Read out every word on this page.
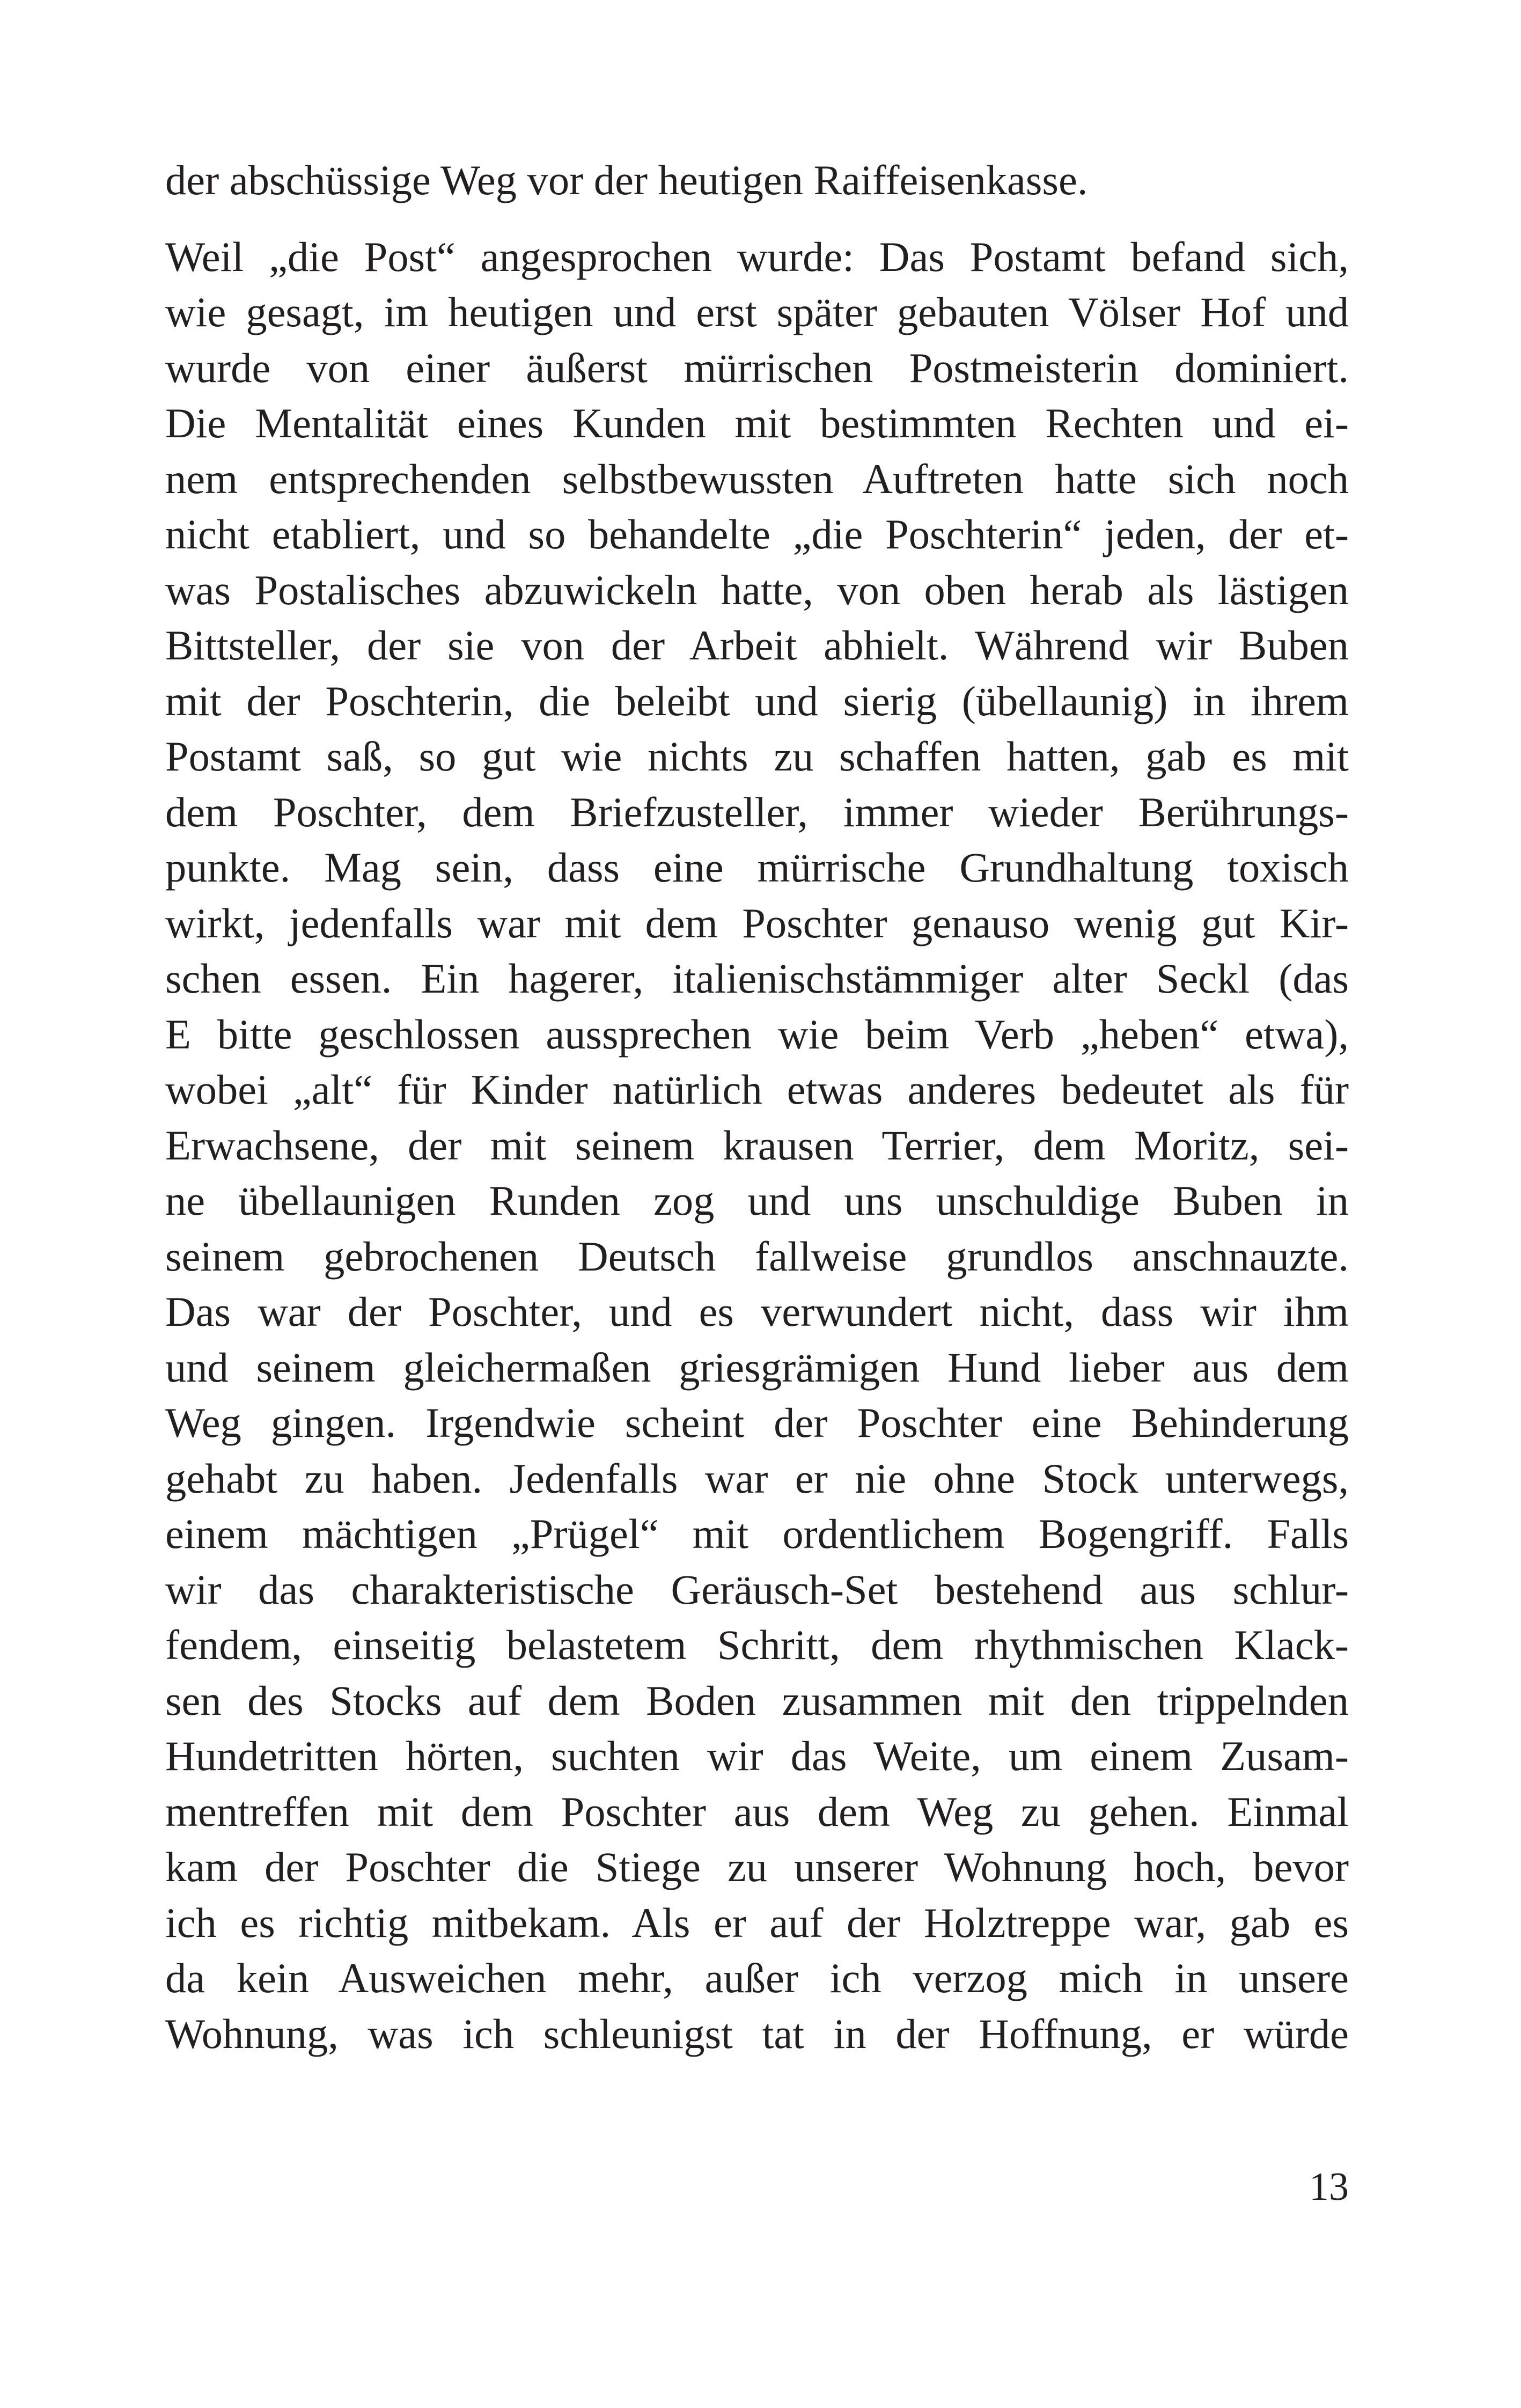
der abschüssige Weg vor der heutigen Raiffeisenkasse.
Weil „die Post“ angesprochen wurde: Das Postamt befand sich,
wie gesagt, im heutigen und erst später gebauten Völser Hof und
wurde von einer äußerst mürrischen Postmeisterin dominiert.
Die Mentalität eines Kunden mit bestimmten Rechten und ei-
nem entsprechenden selbstbewussten Auftreten hatte sich noch
nicht etabliert, und so behandelte „die Poschterin“ jeden, der et-
was Postalisches abzuwickeln hatte, von oben herab als lästigen
Bittsteller, der sie von der Arbeit abhielt. Während wir Buben
mit der Poschterin, die beleibt und sierig (übellaunig) in ihrem
Postamt saß, so gut wie nichts zu schaffen hatten, gab es mit
dem Poschter, dem Briefzusteller, immer wieder Berührungs-
punkte. Mag sein, dass eine mürrische Grundhaltung toxisch
wirkt, jedenfalls war mit dem Poschter genauso wenig gut Kir-
schen essen. Ein hagerer, italienischstämmiger alter Seckl (das
E bitte geschlossen aussprechen wie beim Verb „heben“ etwa),
wobei „alt“ für Kinder natürlich etwas anderes bedeutet als für
Erwachsene, der mit seinem krausen Terrier, dem Moritz, sei-
ne übellaunigen Runden zog und uns unschuldige Buben in
seinem gebrochenen Deutsch fallweise grundlos anschnauzte.
Das war der Poschter, und es verwundert nicht, dass wir ihm
und seinem gleichermaßen griesgrämigen Hund lieber aus dem
Weg gingen. Irgendwie scheint der Poschter eine Behinderung
gehabt zu haben. Jedenfalls war er nie ohne Stock unterwegs,
einem mächtigen „Prügel“ mit ordentlichem Bogengriff. Falls
wir das charakteristische Geräusch-Set bestehend aus schlur-
fendem, einseitig belastetem Schritt, dem rhythmischen Klack-
sen des Stocks auf dem Boden zusammen mit den trippelnden
Hundetritten hörten, suchten wir das Weite, um einem Zusam-
mentreffen mit dem Poschter aus dem Weg zu gehen. Einmal
kam der Poschter die Stiege zu unserer Wohnung hoch, bevor
ich es richtig mitbekam. Als er auf der Holztreppe war, gab es
da kein Ausweichen mehr, außer ich verzog mich in unsere
Wohnung, was ich schleunigst tat in der Hoffnung, er würde
13
